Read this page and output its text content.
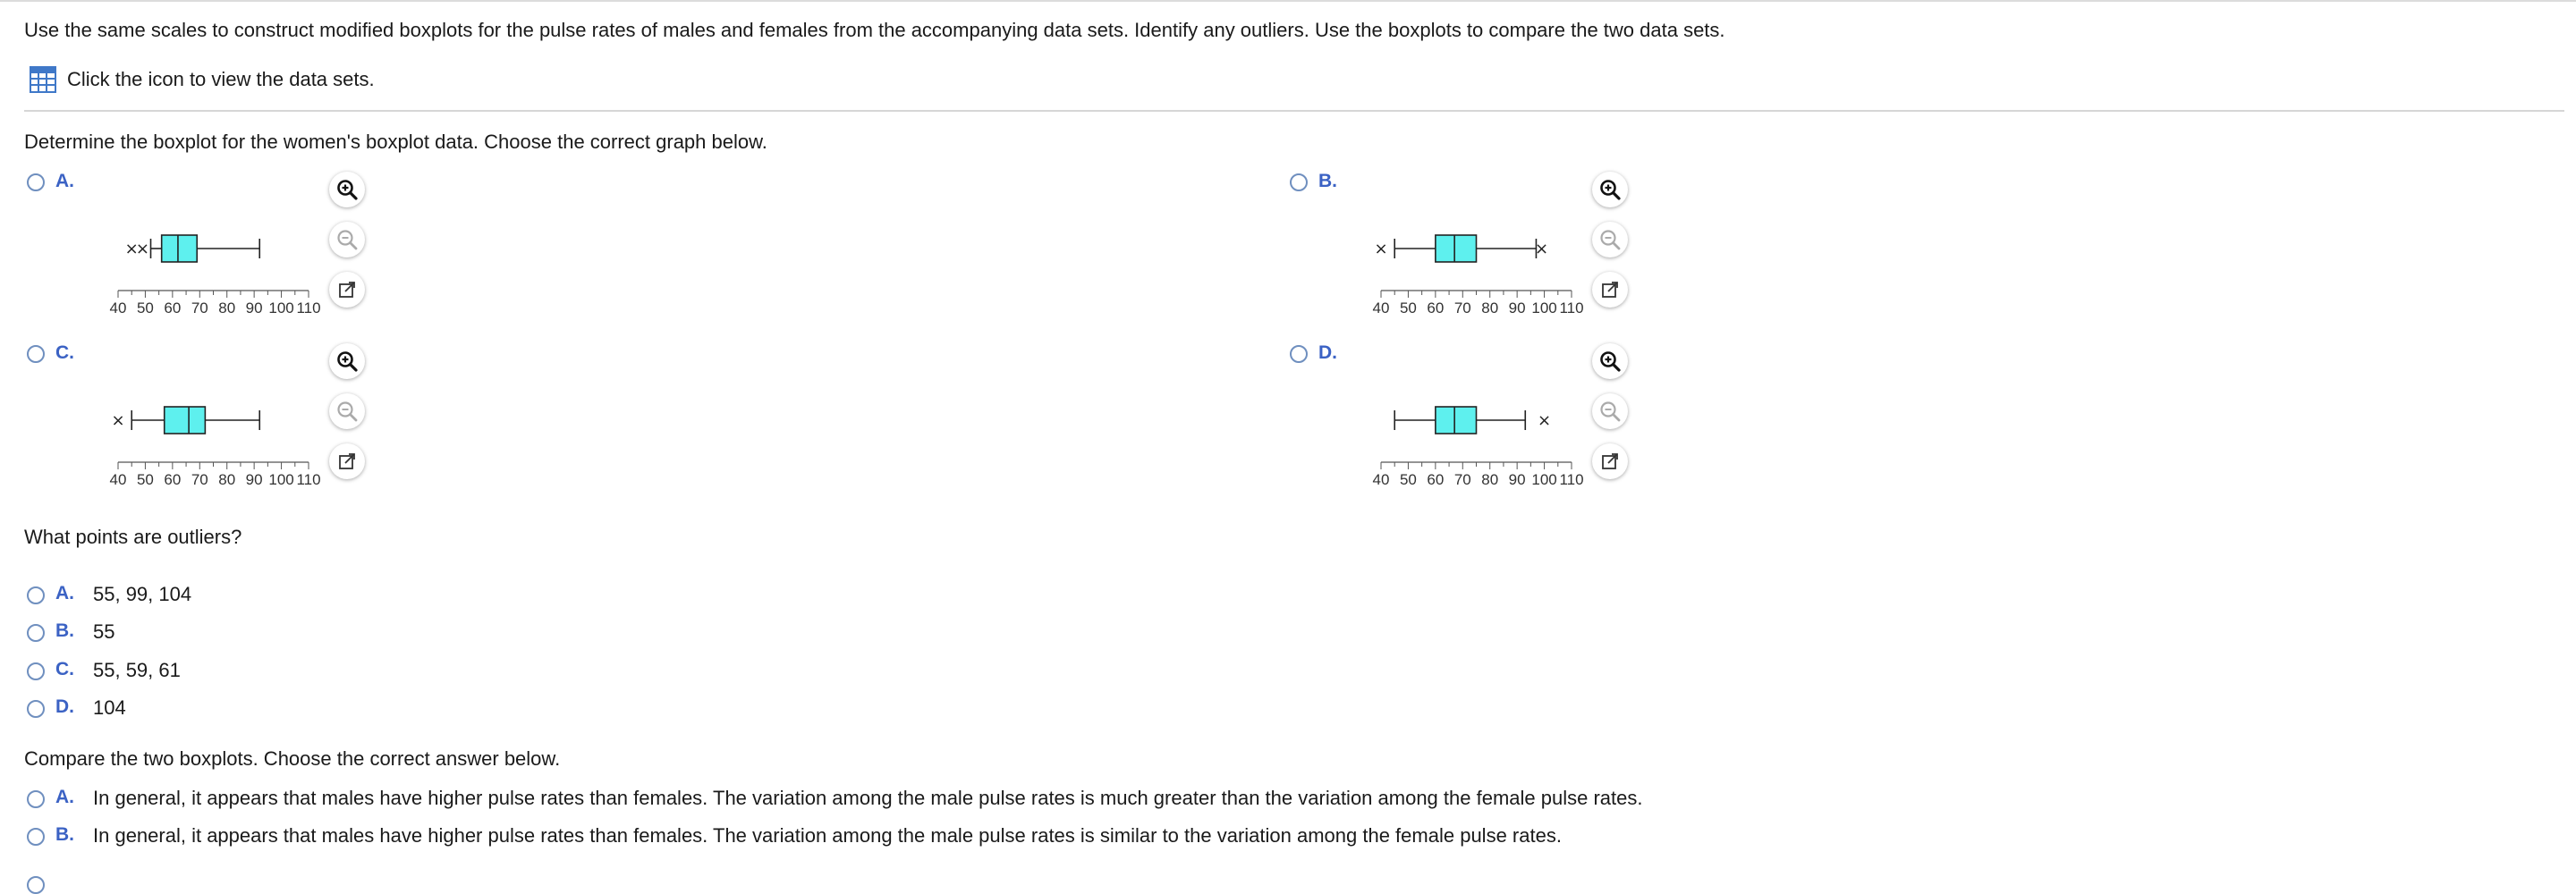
Use the same scales to construct modified boxplots for the pulse rates of males and females from the accompanying data sets. Identify any outliers. Use the boxplots to compare the two data sets.
Click the icon to view the data sets.
Determine the boxplot for the women's boxplot data. Choose the correct graph below.
A.
×
×
40 50 60 70 80 90 100 110
B.
×	×
40 50 60 70 80 90 100 110
C.
×
40 50 60 70 80 90 100 110
D.
×
40 50 60 70 80 90 100 110
What points are outliers?
A. 55, 99, 104
B. 55
C. 55, 59, 61
D. 104
Compare the two boxplots. Choose the correct answer below.
A. In general, it appears that males have higher pulse rates than females. The variation among the male pulse rates is much greater than the variation among the female pulse rates.
B. In general, it appears that males have higher pulse rates than females. The variation among the male pulse rates is similar to the variation among the female pulse rates.
